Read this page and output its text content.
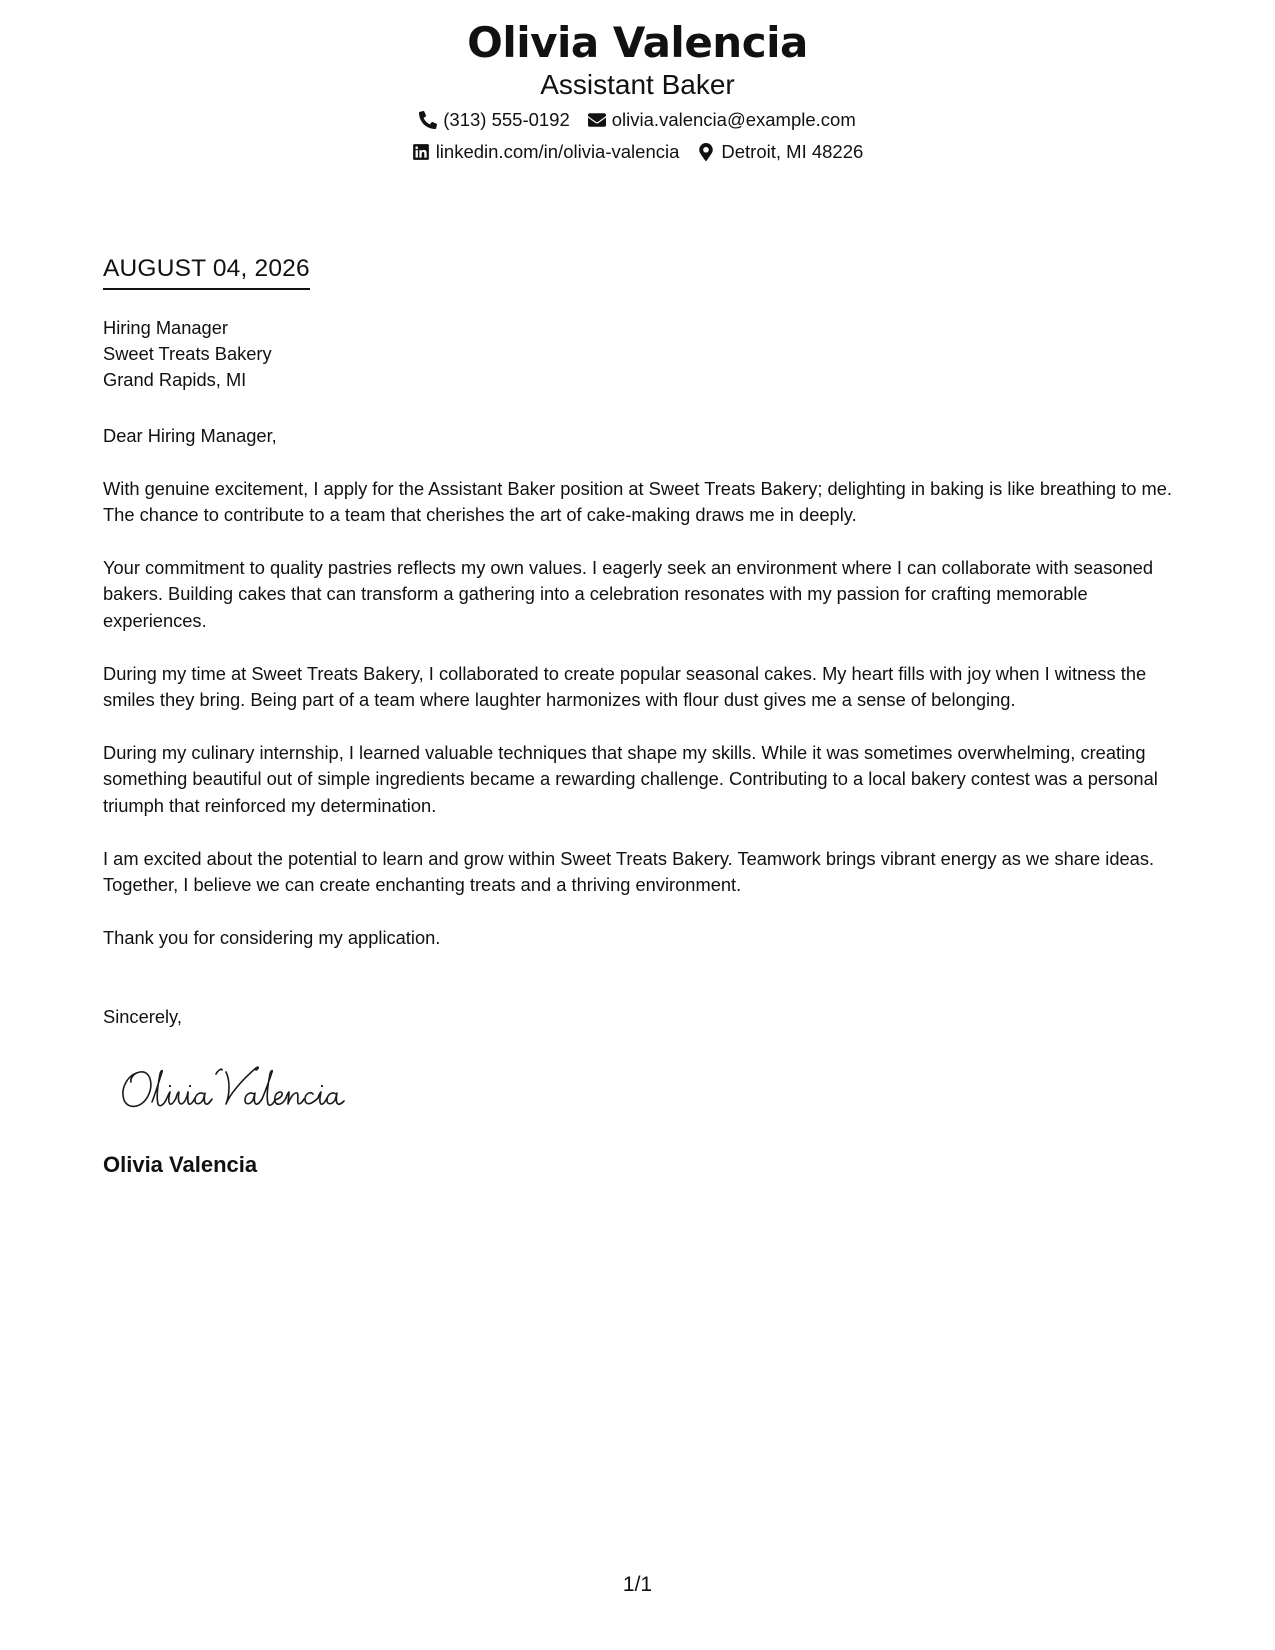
Olivia Valencia
Assistant Baker
(313) 555-0192 olivia.valencia@example.com
linkedin.com/in/olivia-valencia Detroit, MI 48226
AUGUST 04, 2026
Hiring Manager
Sweet Treats Bakery
Grand Rapids, MI

Dear Hiring Manager,

With genuine excitement, I apply for the Assistant Baker position at Sweet Treats Bakery; delighting in baking is like breathing to me. The chance to contribute to a team that cherishes the art of cake-making draws me in deeply.

Your commitment to quality pastries reflects my own values. I eagerly seek an environment where I can collaborate with seasoned bakers. Building cakes that can transform a gathering into a celebration resonates with my passion for crafting memorable experiences.

During my time at Sweet Treats Bakery, I collaborated to create popular seasonal cakes. My heart fills with joy when I witness the smiles they bring. Being part of a team where laughter harmonizes with flour dust gives me a sense of belonging.

During my culinary internship, I learned valuable techniques that shape my skills. While it was sometimes overwhelming, creating something beautiful out of simple ingredients became a rewarding challenge. Contributing to a local bakery contest was a personal triumph that reinforced my determination.

I am excited about the potential to learn and grow within Sweet Treats Bakery. Teamwork brings vibrant energy as we share ideas. Together, I believe we can create enchanting treats and a thriving environment.

Thank you for considering my application.

Sincerely,

Olivia Valencia
1/1
